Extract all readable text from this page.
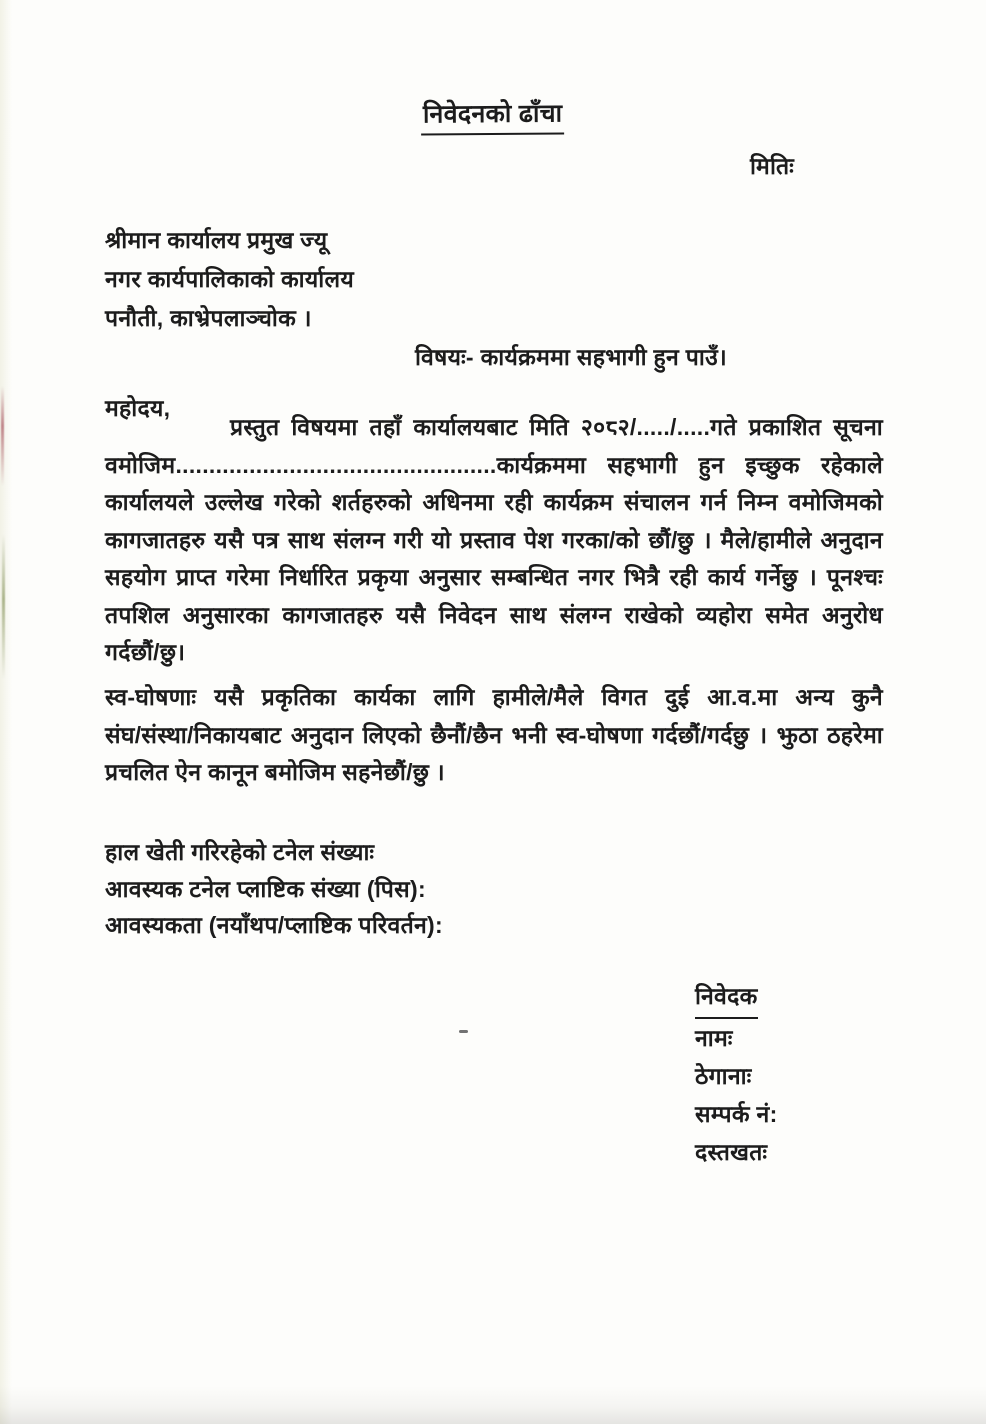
निवेदनको ढाँचा
मितिः
श्रीमान कार्यालय प्रमुख ज्यू
नगर कार्यपालिकाको कार्यालय
पनौती, काभ्रेपलाञ्चोक ।
विषयः- कार्यक्रममा सहभागी हुन पाउँ।
महोदय,
प्रस्तुत विषयमा तहाँ कार्यालयबाट मिति २०८२/...../.....गते प्रकाशित सूचना
वमोजिम................................................कार्यक्रममा सहभागी हुन इच्छुक रहेकाले
कार्यालयले उल्लेख गरेको शर्तहरुको अधिनमा रही कार्यक्रम संचालन गर्न निम्न वमोजिमको
कागजातहरु यसै पत्र साथ संलग्न गरी यो प्रस्ताव पेश गरका/को छौं/छु । मैले/हामीले अनुदान
सहयोग प्राप्त गरेमा निर्धारित प्रकृया अनुसार सम्बन्धित नगर भित्रै रही कार्य गर्नेछु । पूनश्चः
तपशिल अनुसारका कागजातहरु यसै निवेदन साथ संलग्न राखेको व्यहोरा समेत अनुरोध
गर्दछौं/छु।
स्व-घोषणाः यसै प्रकृतिका कार्यका लागि हामीले/मैले विगत दुई आ.व.मा अन्य कुनै
संघ/संस्था/निकायबाट अनुदान लिएको छैनौं/छैन भनी स्व-घोषणा गर्दछौं/गर्दछु । झुठा ठहरेमा
प्रचलित ऐन कानून बमोजिम सहनेछौं/छु ।
हाल खेती गरिरहेको टनेल संख्याः
आवस्यक टनेल प्लाष्टिक संख्या (पिस):
आवस्यकता (नयाँथप/प्लाष्टिक परिवर्तन):
निवेदक
नामः
ठेगानाः
सम्पर्क नं:
दस्तखतः
